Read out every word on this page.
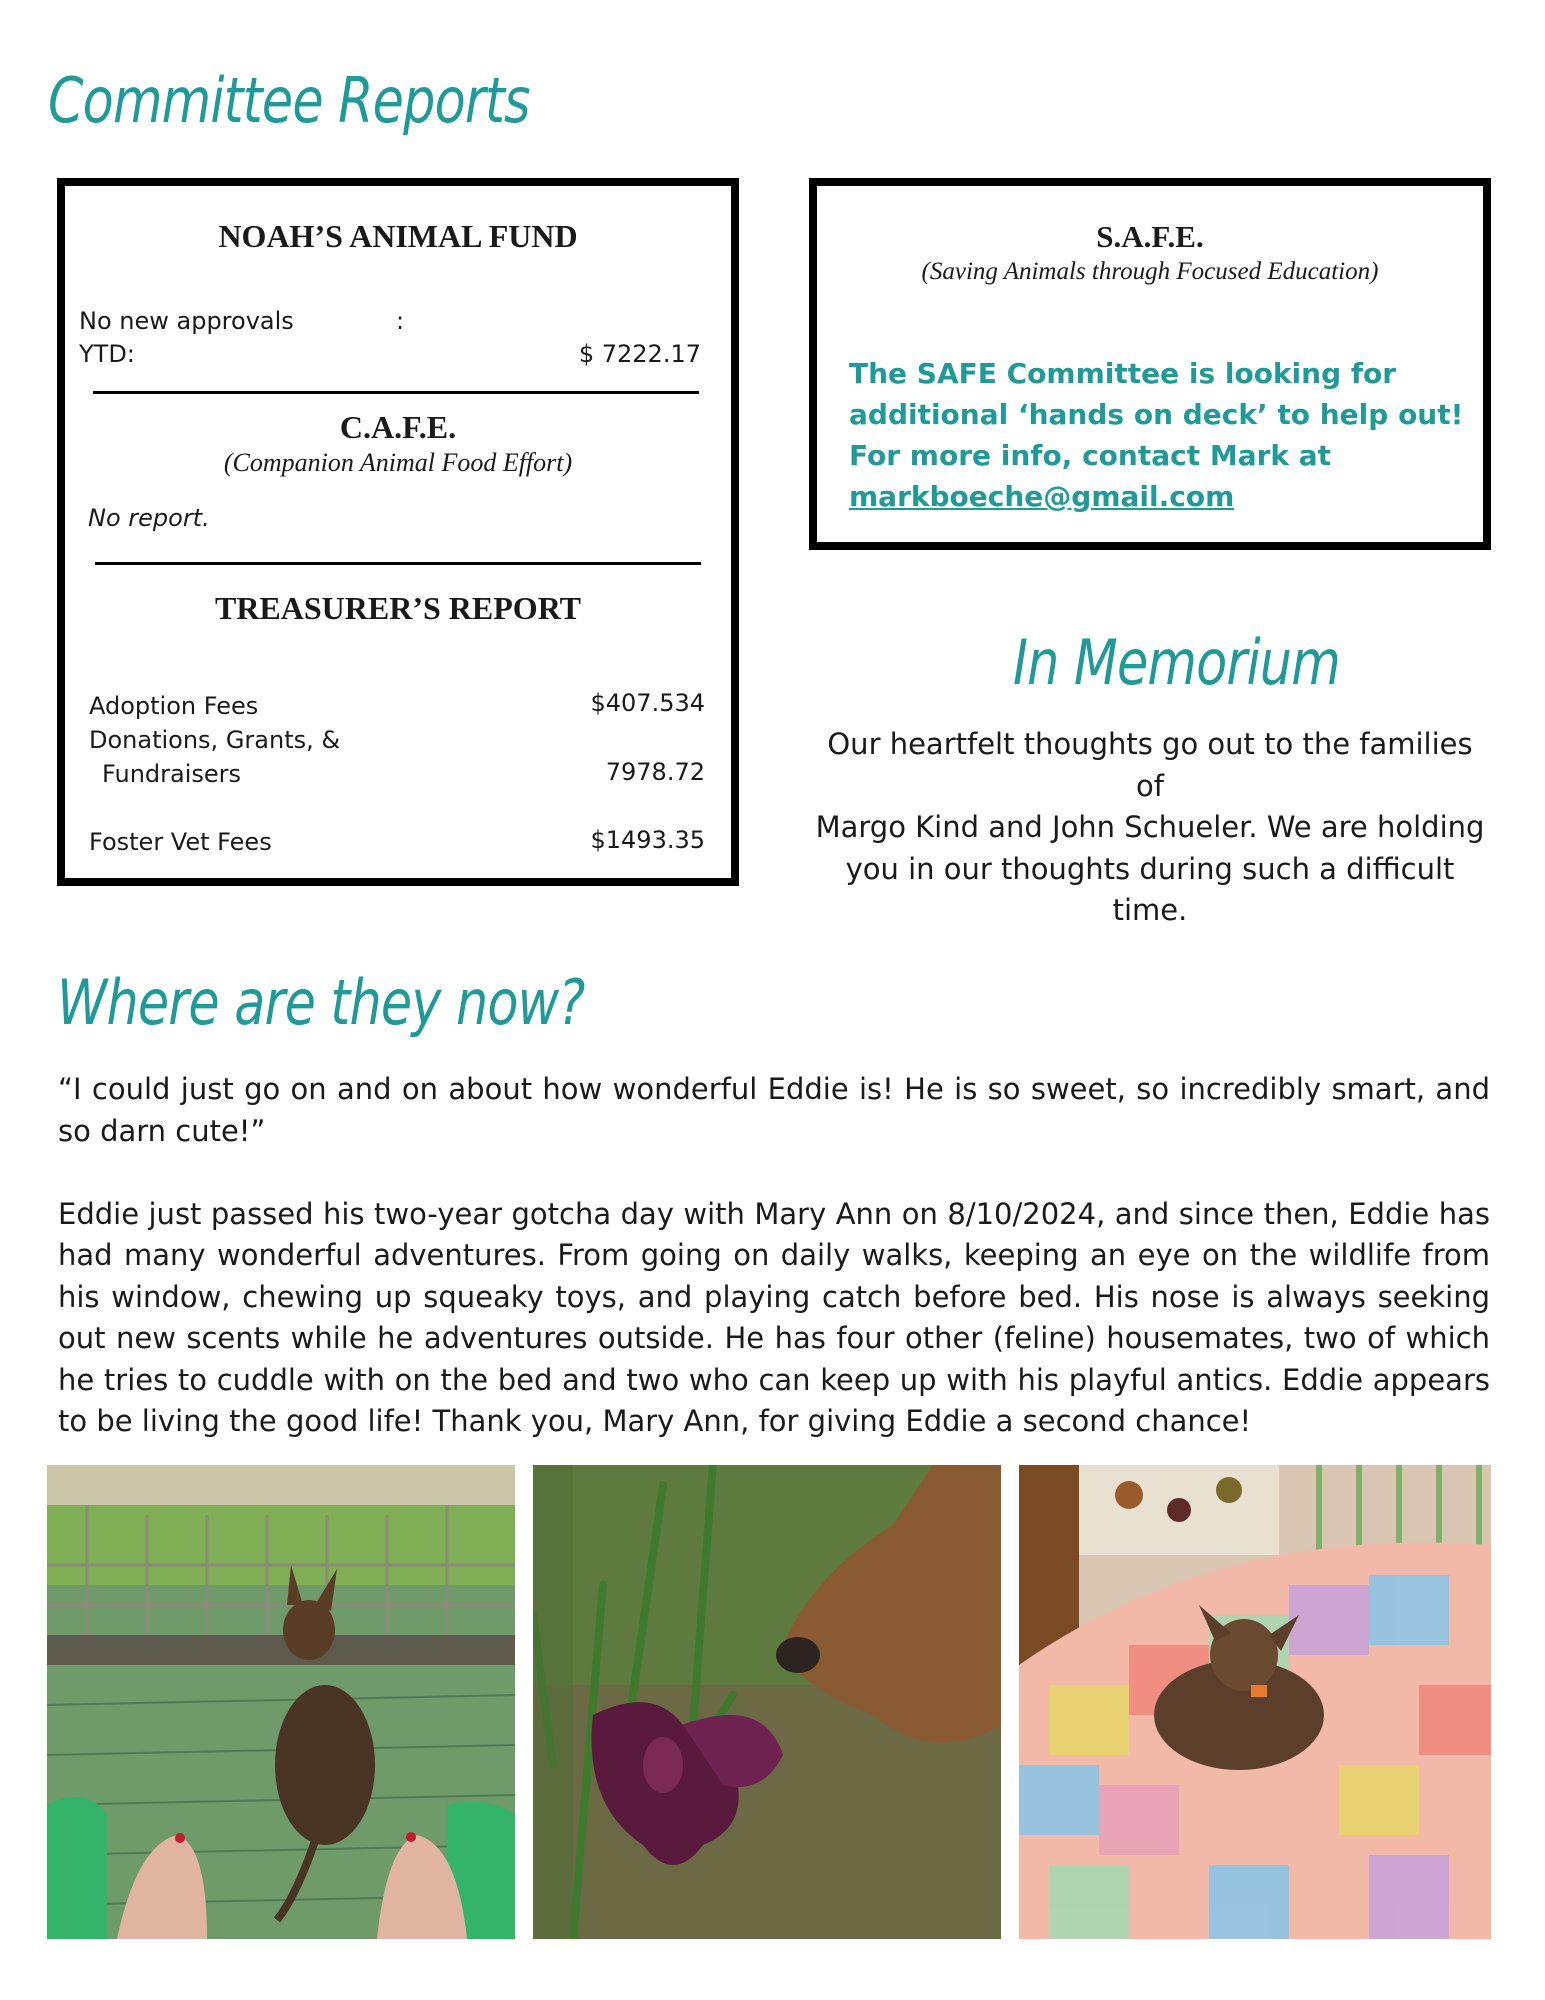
Committee Reports
NOAH’S ANIMAL FUND
No new approvals	:
YTD:	$ 7222.17
C.A.F.E.
(Companion Animal Food Effort)
No report.
TREASURER’S REPORT
Adoption Fees	$407.534
Donations, Grants, &
Fundraisers	7978.72
Foster Vet Fees	$1493.35
S.A.F.E.
(Saving Animals through Focused Education)
The SAFE Committee is looking for
additional ‘hands on deck’ to help out!
For more info, contact Mark at
markboeche@gmail.com
In Memorium
Our heartfelt thoughts go out to the families of
Margo Kind and John Schueler. We are holding
you in our thoughts during such a difficult
time.
Where are they now?

“I could just go on and on about how wonderful Eddie is! He is so sweet, so incredibly smart, and so darn cute!”

Eddie just passed his two-year gotcha day with Mary Ann on 8/10/2024, and since then, Eddie has had many wonderful adventures. From going on daily walks, keeping an eye on the wildlife from his window, chewing up squeaky toys, and playing catch before bed. His nose is always seeking out new scents while he adventures outside. He has four other (feline) housemates, two of which he tries to cuddle with on the bed and two who can keep up with his playful antics. Eddie appears to be living the good life! Thank you, Mary Ann, for giving Eddie a second chance!
